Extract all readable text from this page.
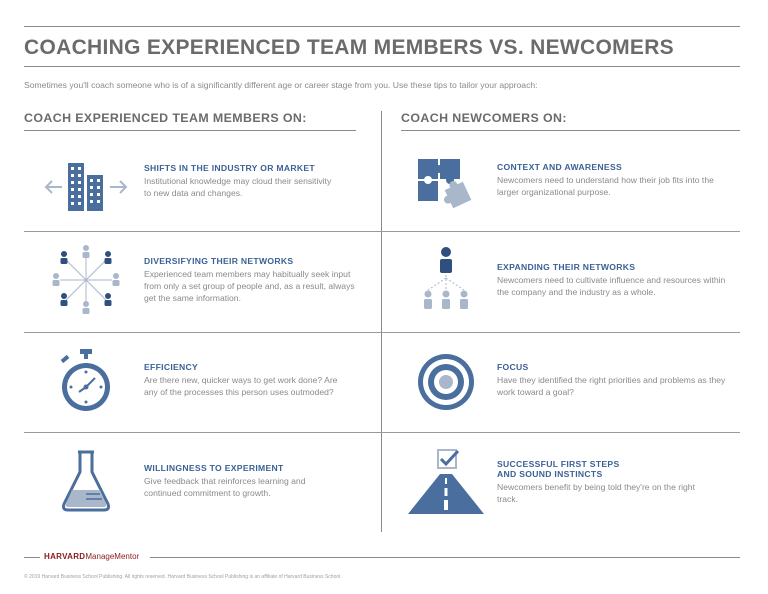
COACHING EXPERIENCED TEAM MEMBERS VS. NEWCOMERS
Sometimes you'll coach someone who is of a significantly different age or career stage from you. Use these tips to tailor your approach:
COACH EXPERIENCED TEAM MEMBERS ON:	COACH NEWCOMERS ON:
SHIFTS IN THE INDUSTRY OR MARKET
Institutional knowledge may cloud their sensitivity to new data and changes.
DIVERSIFYING THEIR NETWORKS
Experienced team members may habitually seek input from only a set group of people and, as a result, always get the same information.
EFFICIENCY
Are there new, quicker ways to get work done? Are any of the processes this person uses outmoded?
WILLINGNESS TO EXPERIMENT
Give feedback that reinforces learning and continued commitment to growth.
CONTEXT AND AWARENESS
Newcomers need to understand how their job fits into the larger organizational purpose.
EXPANDING THEIR NETWORKS
Newcomers need to cultivate influence and resources within the company and the industry as a whole.
FOCUS
Have they identified the right priorities and problems as they work toward a goal?
SUCCESSFUL FIRST STEPS
AND SOUND INSTINCTS
Newcomers benefit by being told they're on the right track.
HARVARDManageMentor
© 2019 Harvard Business School Publishing. All rights reserved. Harvard Business School Publishing is an affiliate of Harvard Business School.
